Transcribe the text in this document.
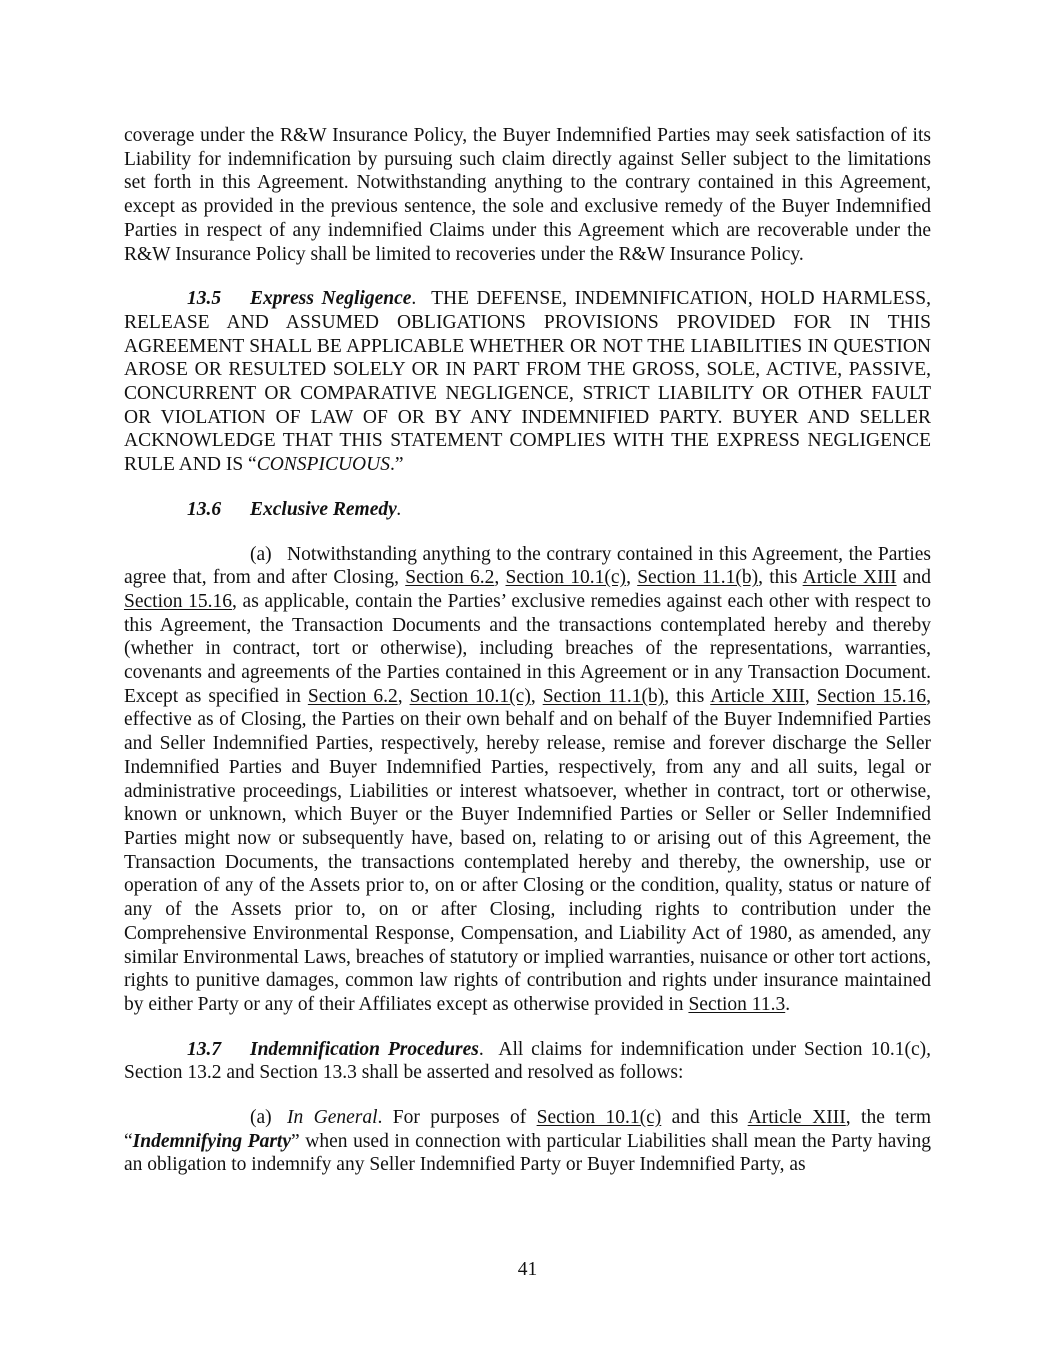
coverage under the R&W Insurance Policy, the Buyer Indemnified Parties may seek satisfaction of its Liability for indemnification by pursuing such claim directly against Seller subject to the limitations set forth in this Agreement. Notwithstanding anything to the contrary contained in this Agreement, except as provided in the previous sentence, the sole and exclusive remedy of the Buyer Indemnified Parties in respect of any indemnified Claims under this Agreement which are recoverable under the R&W Insurance Policy shall be limited to recoveries under the R&W Insurance Policy.

13.5 Express Negligence. THE DEFENSE, INDEMNIFICATION, HOLD HARMLESS, RELEASE AND ASSUMED OBLIGATIONS PROVISIONS PROVIDED FOR IN THIS AGREEMENT SHALL BE APPLICABLE WHETHER OR NOT THE LIABILITIES IN QUESTION AROSE OR RESULTED SOLELY OR IN PART FROM THE GROSS, SOLE, ACTIVE, PASSIVE, CONCURRENT OR COMPARATIVE NEGLIGENCE, STRICT LIABILITY OR OTHER FAULT OR VIOLATION OF LAW OF OR BY ANY INDEMNIFIED PARTY. BUYER AND SELLER ACKNOWLEDGE THAT THIS STATEMENT COMPLIES WITH THE EXPRESS NEGLIGENCE RULE AND IS “CONSPICUOUS.”

13.6 Exclusive Remedy.

(a) Notwithstanding anything to the contrary contained in this Agreement, the Parties agree that, from and after Closing, Section 6.2, Section 10.1(c), Section 11.1(b), this Article XIII and Section 15.16, as applicable, contain the Parties’ exclusive remedies against each other with respect to this Agreement, the Transaction Documents and the transactions contemplated hereby and thereby (whether in contract, tort or otherwise), including breaches of the representations, warranties, covenants and agreements of the Parties contained in this Agreement or in any Transaction Document. Except as specified in Section 6.2, Section 10.1(c), Section 11.1(b), this Article XIII, Section 15.16, effective as of Closing, the Parties on their own behalf and on behalf of the Buyer Indemnified Parties and Seller Indemnified Parties, respectively, hereby release, remise and forever discharge the Seller Indemnified Parties and Buyer Indemnified Parties, respectively, from any and all suits, legal or administrative proceedings, Liabilities or interest whatsoever, whether in contract, tort or otherwise, known or unknown, which Buyer or the Buyer Indemnified Parties or Seller or Seller Indemnified Parties might now or subsequently have, based on, relating to or arising out of this Agreement, the Transaction Documents, the transactions contemplated hereby and thereby, the ownership, use or operation of any of the Assets prior to, on or after Closing or the condition, quality, status or nature of any of the Assets prior to, on or after Closing, including rights to contribution under the Comprehensive Environmental Response, Compensation, and Liability Act of 1980, as amended, any similar Environmental Laws, breaches of statutory or implied warranties, nuisance or other tort actions, rights to punitive damages, common law rights of contribution and rights under insurance maintained by either Party or any of their Affiliates except as otherwise provided in Section 11.3.

13.7 Indemnification Procedures. All claims for indemnification under Section 10.1(c), Section 13.2 and Section 13.3 shall be asserted and resolved as follows:

(a) In General. For purposes of Section 10.1(c) and this Article XIII, the term “Indemnifying Party” when used in connection with particular Liabilities shall mean the Party having an obligation to indemnify any Seller Indemnified Party or Buyer Indemnified Party, as

41
